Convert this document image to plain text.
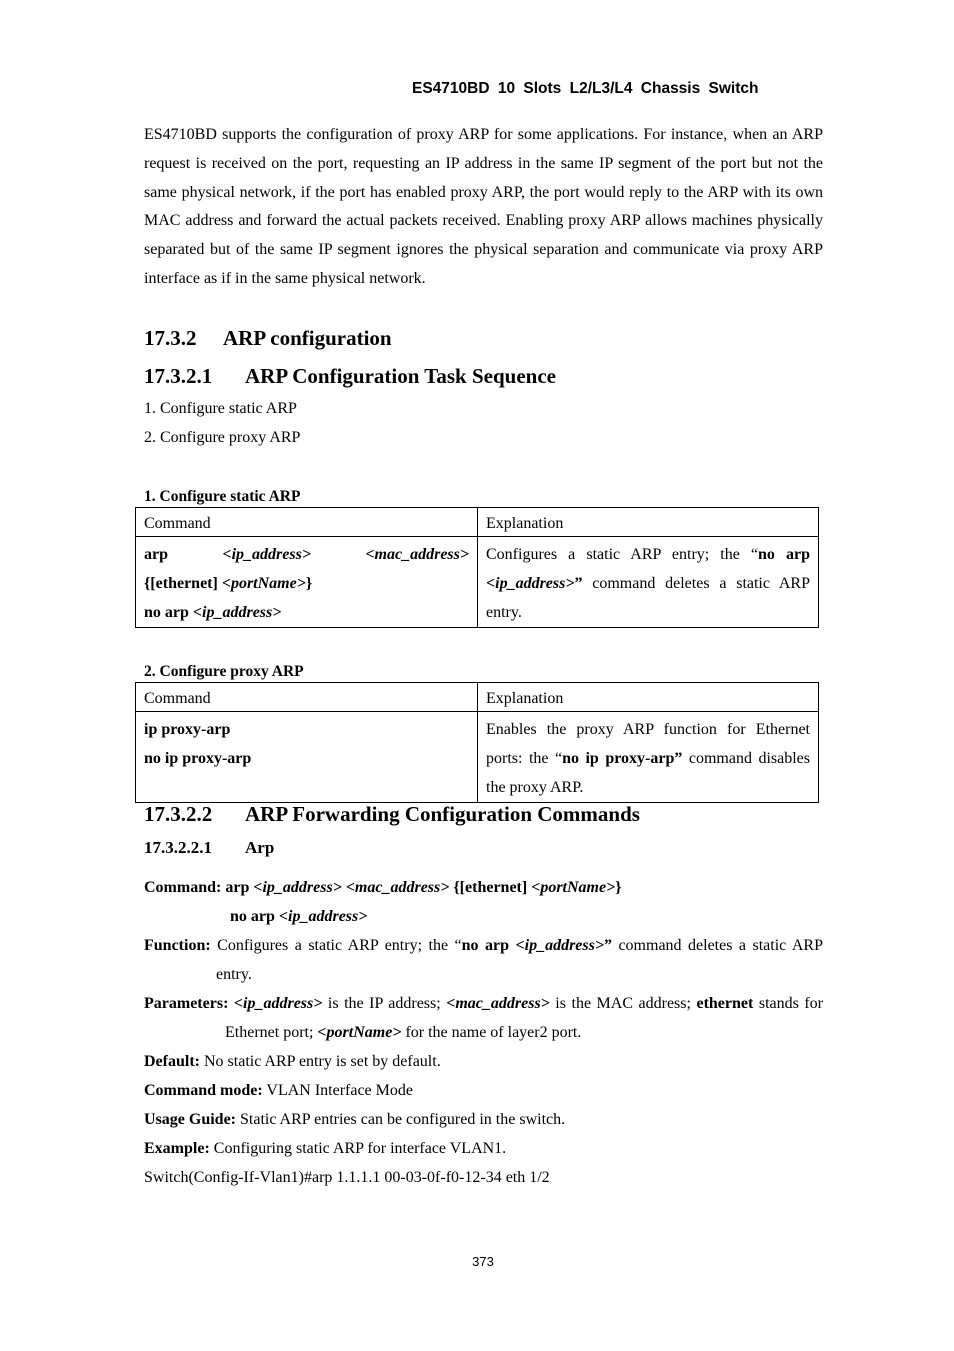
ES4710BD 10 Slots L2/L3/L4 Chassis Switch
ES4710BD supports the configuration of proxy ARP for some applications. For instance, when an ARP request is received on the port, requesting an IP address in the same IP segment of the port but not the same physical network, if the port has enabled proxy ARP, the port would reply to the ARP with its own MAC address and forward the actual packets received. Enabling proxy ARP allows machines physically separated but of the same IP segment ignores the physical separation and communicate via proxy ARP interface as if in the same physical network.
17.3.2 ARP configuration
17.3.2.1 ARP Configuration Task Sequence
1. Configure static ARP
2. Configure proxy ARP
1. Configure static ARP
Command	Explanation

arp <ip_address> <mac_address>
{[ethernet] <portName>}
no arp <ip_address>	Configures a static ARP entry; the “no arp <ip_address>” command deletes a static ARP entry.
2. Configure proxy ARP
Command	Explanation

ip proxy-arp
no ip proxy-arp	Enables the proxy ARP function for Ethernet ports: the “no ip proxy-arp” command disables the proxy ARP.
17.3.2.2 ARP Forwarding Configuration Commands
17.3.2.2.1 Arp
Command: arp <ip_address> <mac_address> {[ethernet] <portName>}
no arp <ip_address>
Function: Configures a static ARP entry; the “no arp <ip_address>” command deletes a static ARP entry.
Parameters: <ip_address> is the IP address; <mac_address> is the MAC address; ethernet stands for Ethernet port; <portName> for the name of layer2 port.
Default: No static ARP entry is set by default.
Command mode: VLAN Interface Mode
Usage Guide: Static ARP entries can be configured in the switch.
Example: Configuring static ARP for interface VLAN1.
Switch(Config-If-Vlan1)#arp 1.1.1.1 00-03-0f-f0-12-34 eth 1/2
373
